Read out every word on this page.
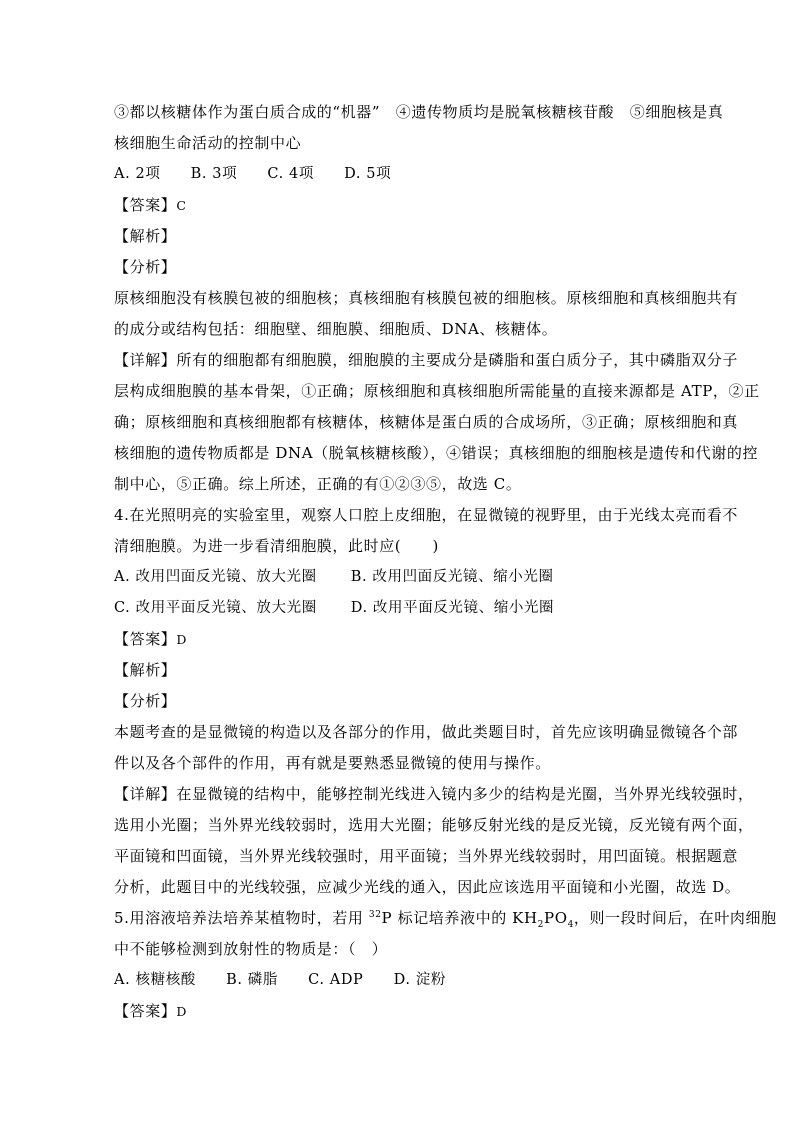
③都以核糖体作为蛋白质合成的“机器”　④遗传物质均是脱氧核糖核苷酸　⑤细胞核是真
核细胞生命活动的控制中心
A. 2项　　B. 3项　　C. 4项　　D. 5项
【答案】C
【解析】
【分析】
原核细胞没有核膜包被的细胞核；真核细胞有核膜包被的细胞核。原核细胞和真核细胞共有
的成分或结构包括：细胞壁、细胞膜、细胞质、DNA、核糖体。
【详解】所有的细胞都有细胞膜，细胞膜的主要成分是磷脂和蛋白质分子，其中磷脂双分子
层构成细胞膜的基本骨架，①正确；原核细胞和真核细胞所需能量的直接来源都是 ATP，②正
确；原核细胞和真核细胞都有核糖体，核糖体是蛋白质的合成场所，③正确；原核细胞和真
核细胞的遗传物质都是 DNA（脱氧核糖核酸），④错误；真核细胞的细胞核是遗传和代谢的控
制中心，⑤正确。综上所述，正确的有①②③⑤，故选 C。
4.在光照明亮的实验室里，观察人口腔上皮细胞，在显微镜的视野里，由于光线太亮而看不
清细胞膜。为进一步看清细胞膜，此时应(　　)
A. 改用凹面反光镜、放大光圈 B. 改用凹面反光镜、缩小光圈
C. 改用平面反光镜、放大光圈 D. 改用平面反光镜、缩小光圈
【答案】D
【解析】
【分析】
本题考查的是显微镜的构造以及各部分的作用，做此类题目时，首先应该明确显微镜各个部
件以及各个部件的作用，再有就是要熟悉显微镜的使用与操作。
【详解】在显微镜的结构中，能够控制光线进入镜内多少的结构是光圈，当外界光线较强时，
选用小光圈；当外界光线较弱时，选用大光圈；能够反射光线的是反光镜，反光镜有两个面，
平面镜和凹面镜，当外界光线较强时，用平面镜；当外界光线较弱时，用凹面镜。根据题意
分析，此题目中的光线较强，应减少光线的通入，因此应该选用平面镜和小光圈，故选 D。
5.用溶液培养法培养某植物时，若用 $^{32}$P 标记培养液中的 $KH_2PO_4$，则一段时间后，在叶肉细胞
中不能够检测到放射性的物质是：（　）
A. 核糖核酸　　B. 磷脂　　C. ADP　　D. 淀粉
【答案】D
